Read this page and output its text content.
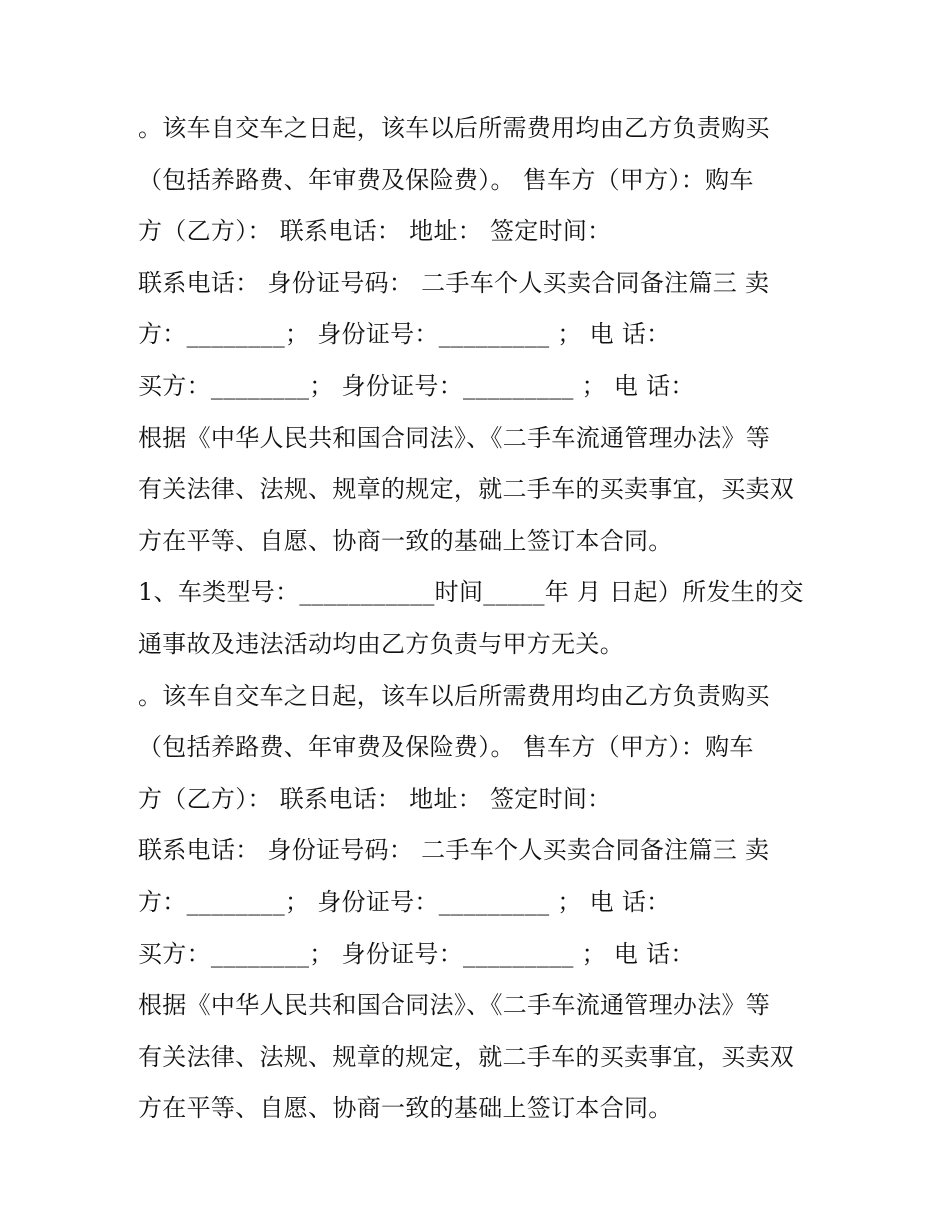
。该车自交车之日起，该车以后所需费用均由乙方负责购买
（包括养路费、年审费及保险费）。 售车方（甲方）：购车
方（乙方）： 联系电话： 地址： 签定时间：
联系电话： 身份证号码： 二手车个人买卖合同备注篇三 卖
方：________； 身份证号：_________ ； 电 话：
买方：________； 身份证号：_________ ； 电 话：
根据《中华人民共和国合同法》、《二手车流通管理办法》等
有关法律、法规、规章的规定，就二手车的买卖事宜，买卖双
方在平等、自愿、协商一致的基础上签订本合同。
1、车类型号：___________时间_____年 月 日起）所发生的交
通事故及违法活动均由乙方负责与甲方无关。
。该车自交车之日起，该车以后所需费用均由乙方负责购买
（包括养路费、年审费及保险费）。 售车方（甲方）：购车
方（乙方）： 联系电话： 地址： 签定时间：
联系电话： 身份证号码： 二手车个人买卖合同备注篇三 卖
方：________； 身份证号：_________ ； 电 话：
买方：________； 身份证号：_________ ； 电 话：
根据《中华人民共和国合同法》、《二手车流通管理办法》等
有关法律、法规、规章的规定，就二手车的买卖事宜，买卖双
方在平等、自愿、协商一致的基础上签订本合同。
